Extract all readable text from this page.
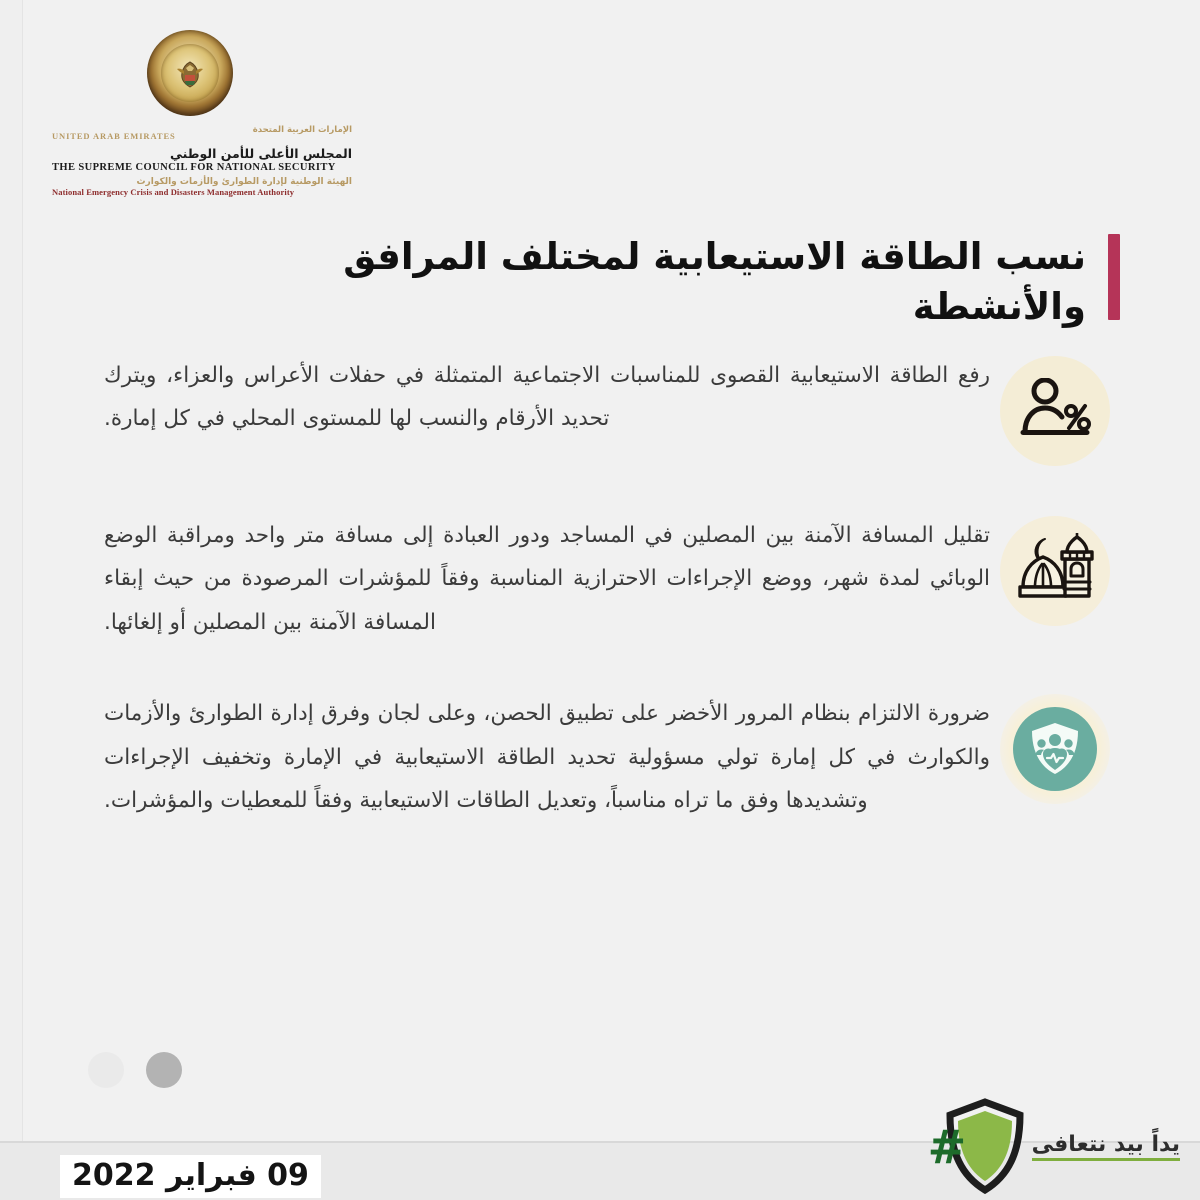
الإمارات العربية المتحدة
UNITED ARAB EMIRATES
المجلس الأعلى للأمن الوطني
THE SUPREME COUNCIL FOR NATIONAL SECURITY
الهيئة الوطنية لإدارة الطوارئ والأزمات والكوارث
National Emergency Crisis and Disasters Management Authority
نسب الطاقة الاستيعابية لمختلف المرافق والأنشطة

رفع الطاقة الاستيعابية القصوى للمناسبات الاجتماعية المتمثلة في حفلات الأعراس والعزاء، ويترك تحديد الأرقام والنسب لها للمستوى المحلي في كل إمارة.

تقليل المسافة الآمنة بين المصلين في المساجد ودور العبادة إلى مسافة متر واحد ومراقبة الوضع الوبائي لمدة شهر، ووضع الإجراءات الاحترازية المناسبة وفقاً للمؤشرات المرصودة من حيث إبقاء المسافة الآمنة بين المصلين أو إلغائها.

ضرورة الالتزام بنظام المرور الأخضر على تطبيق الحصن، وعلى لجان وفرق إدارة الطوارئ والأزمات والكوارث في كل إمارة تولي مسؤولية تحديد الطاقة الاستيعابية في الإمارة وتخفيف الإجراءات وتشديدها وفق ما تراه مناسباً، وتعديل الطاقات الاستيعابية وفقاً للمعطيات والمؤشرات.

09 فبراير 2022
يداً بيد نتعافى
#
